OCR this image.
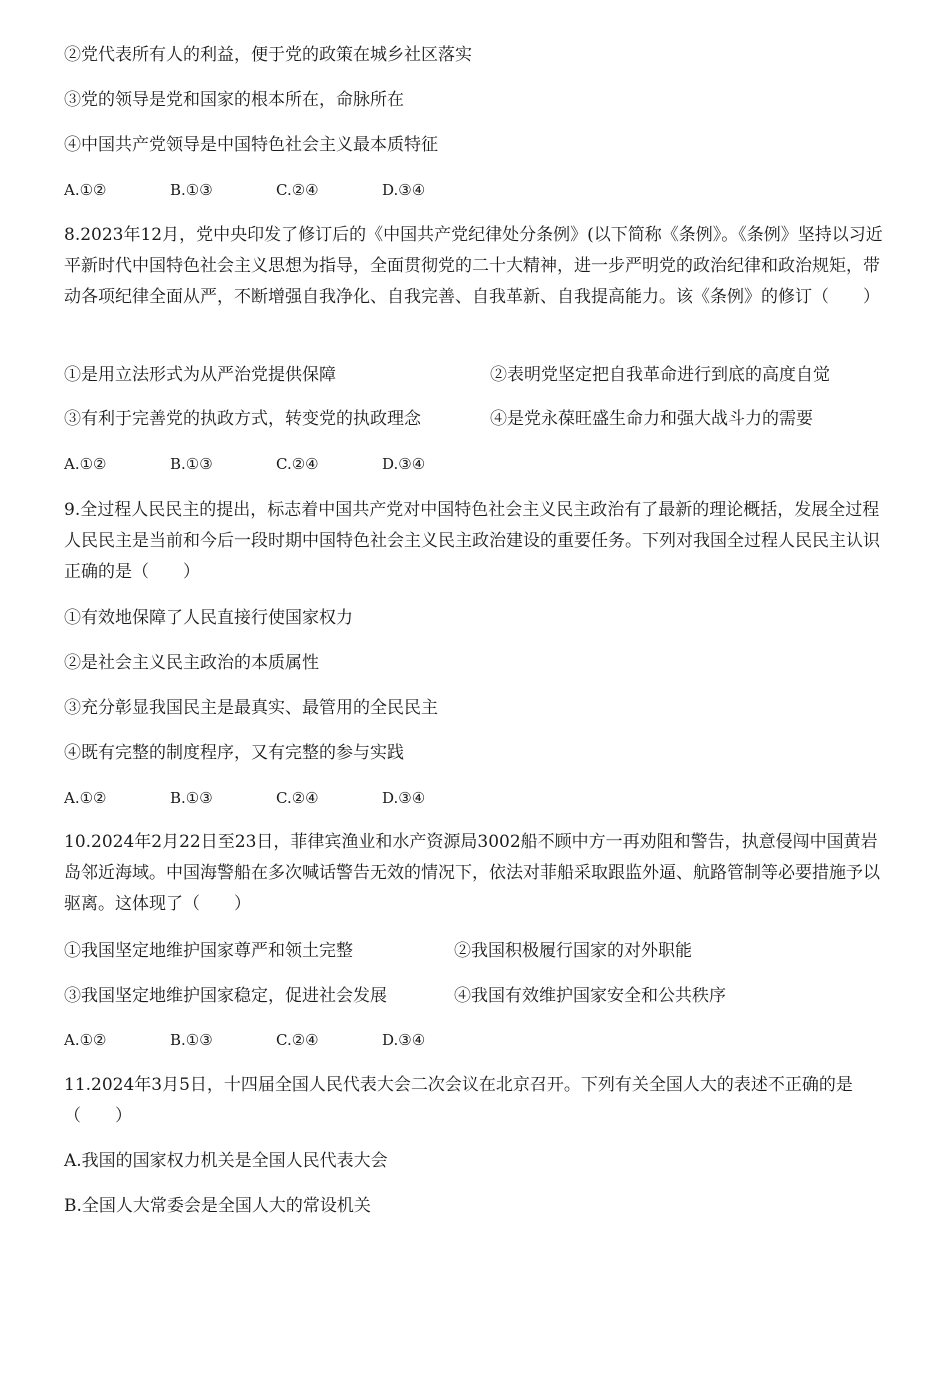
②党代表所有人的利益，便于党的政策在城乡社区落实
③党的领导是党和国家的根本所在，命脉所在
④中国共产党领导是中国特色社会主义最本质特征
A.①②	B.①③	C.②④	D.③④
8.2023年12月，党中央印发了修订后的《中国共产党纪律处分条例》(以下简称《条例》。《条例》坚持以习近平新时代中国特色社会主义思想为指导，全面贯彻党的二十大精神，进一步严明党的政治纪律和政治规矩，带动各项纪律全面从严，不断增强自我净化、自我完善、自我革新、自我提高能力。该《条例》的修订（　　）
①是用立法形式为从严治党提供保障	②表明党坚定把自我革命进行到底的高度自觉
③有利于完善党的执政方式，转变党的执政理念	④是党永葆旺盛生命力和强大战斗力的需要
A.①②	B.①③	C.②④	D.③④
9.全过程人民民主的提出，标志着中国共产党对中国特色社会主义民主政治有了最新的理论概括，发展全过程人民民主是当前和今后一段时期中国特色社会主义民主政治建设的重要任务。下列对我国全过程人民民主认识正确的是（　　）
①有效地保障了人民直接行使国家权力
②是社会主义民主政治的本质属性
③充分彰显我国民主是最真实、最管用的全民民主
④既有完整的制度程序，又有完整的参与实践
A.①②	B.①③	C.②④	D.③④
10.2024年2月22日至23日，菲律宾渔业和水产资源局3002船不顾中方一再劝阻和警告，执意侵闯中国黄岩岛邻近海域。中国海警船在多次喊话警告无效的情况下，依法对菲船采取跟监外逼、航路管制等必要措施予以驱离。这体现了（　　）
①我国坚定地维护国家尊严和领土完整	②我国积极履行国家的对外职能
③我国坚定地维护国家稳定，促进社会发展	④我国有效维护国家安全和公共秩序
A.①②	B.①③	C.②④	D.③④
11.2024年3月5日，十四届全国人民代表大会二次会议在北京召开。下列有关全国人大的表述不正确的是（　　）
A.我国的国家权力机关是全国人民代表大会
B.全国人大常委会是全国人大的常设机关
